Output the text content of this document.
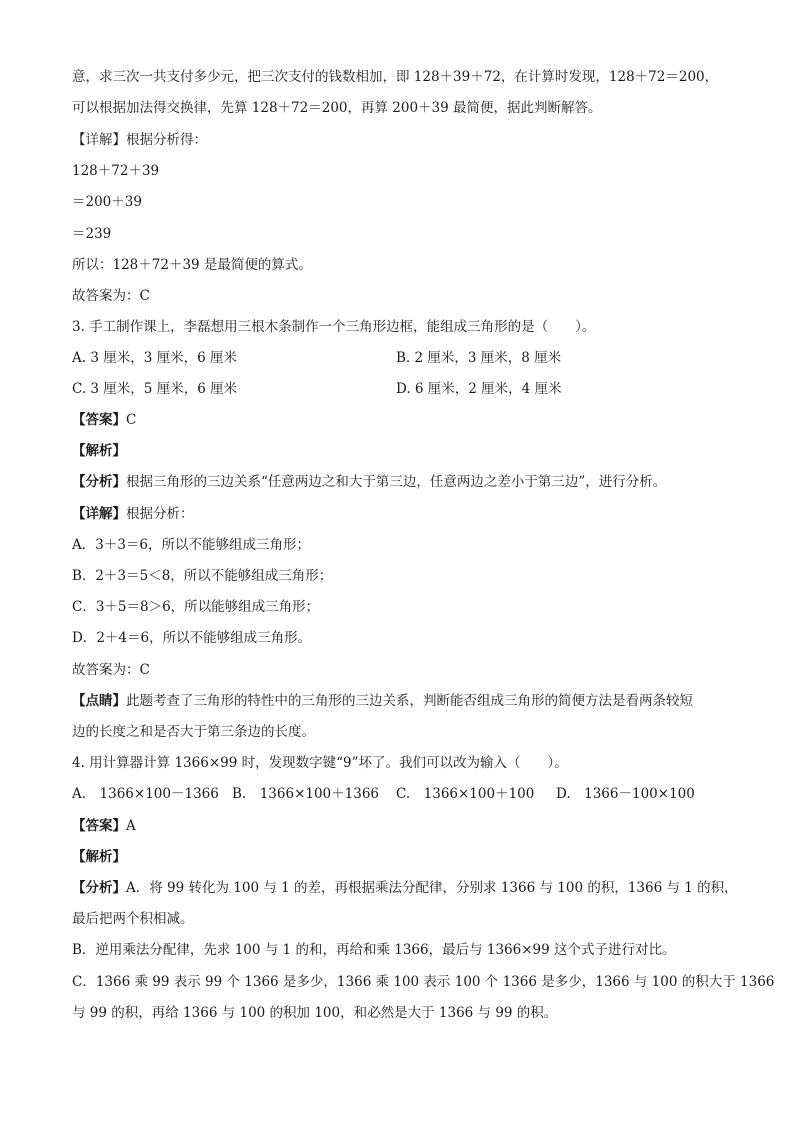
意，求三次一共支付多少元，把三次支付的钱数相加，即 128＋39＋72，在计算时发现，128＋72＝200，
可以根据加法得交换律，先算 128＋72＝200，再算 200＋39 最简便，据此判断解答。
【详解】根据分析得：
128＋72＋39
＝200＋39
＝239
所以：128＋72＋39 是最简便的算式。
故答案为：C
3. 手工制作课上，李磊想用三根木条制作一个三角形边框，能组成三角形的是（　　）。
A. 3 厘米，3 厘米，6 厘米	B. 2 厘米，3 厘米，8 厘米
C. 3 厘米，5 厘米，6 厘米	D. 6 厘米，2 厘米，4 厘米
【答案】C
【解析】
【分析】根据三角形的三边关系“任意两边之和大于第三边，任意两边之差小于第三边”，进行分析。
【详解】根据分析：
A．3＋3＝6，所以不能够组成三角形；
B．2＋3＝5＜8，所以不能够组成三角形；
C．3＋5＝8＞6，所以能够组成三角形；
D．2＋4＝6，所以不能够组成三角形。
故答案为：C
【点睛】此题考查了三角形的特性中的三角形的三边关系，判断能否组成三角形的简便方法是看两条较短
边的长度之和是否大于第三条边的长度。
4. 用计算器计算 1366×99 时，发现数字键“9”坏了。我们可以改为输入（　　）。
A.　1366×100－1366 B.　1366×100＋1366 C.　1366×100＋100 D.　1366－100×100
【答案】A
【解析】
【分析】A．将 99 转化为 100 与 1 的差，再根据乘法分配律，分别求 1366 与 100 的积，1366 与 1 的积，
最后把两个积相减。
B．逆用乘法分配律，先求 100 与 1 的和，再给和乘 1366，最后与 1366×99 这个式子进行对比。
C．1366 乘 99 表示 99 个 1366 是多少，1366 乘 100 表示 100 个 1366 是多少，1366 与 100 的积大于 1366
与 99 的积，再给 1366 与 100 的积加 100，和必然是大于 1366 与 99 的积。
